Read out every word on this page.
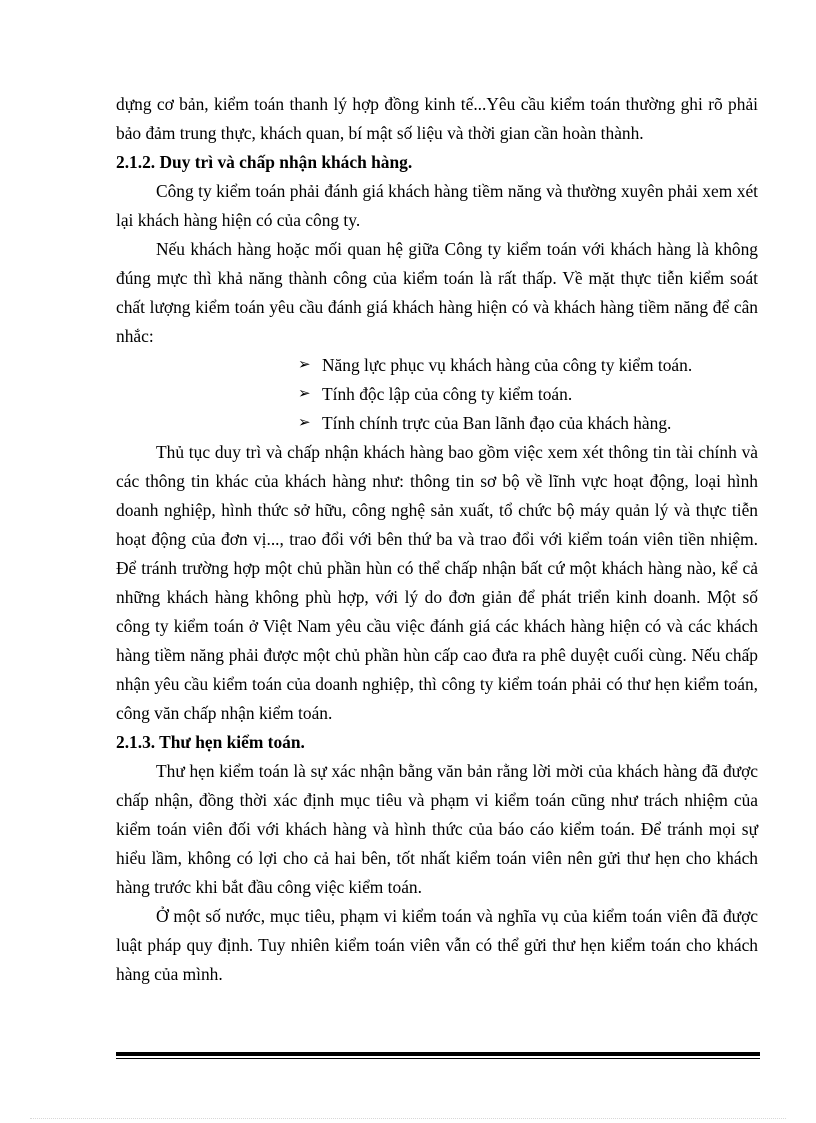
dựng cơ bản, kiểm toán thanh lý hợp đồng kinh tế...Yêu cầu kiểm toán thường ghi rõ phải bảo đảm trung thực, khách quan, bí mật số liệu và thời gian cần hoàn thành.

2.1.2. Duy trì và chấp nhận khách hàng.

Công ty kiểm toán phải đánh giá khách hàng tiềm năng và thường xuyên phải xem xét lại khách hàng hiện có của công ty.

Nếu khách hàng hoặc mối quan hệ giữa Công ty kiểm toán với khách hàng là không đúng mực thì khả năng thành công của kiểm toán là rất thấp. Về mặt thực tiễn kiểm soát chất lượng kiểm toán yêu cầu đánh giá khách hàng hiện có và khách hàng tiềm năng để cân nhắc:

➢ Năng lực phục vụ khách hàng của công ty kiểm toán.
➢ Tính độc lập của công ty kiểm toán.
➢ Tính chính trực của Ban lãnh đạo của khách hàng.

Thủ tục duy trì và chấp nhận khách hàng bao gồm việc xem xét thông tin tài chính và các thông tin khác của khách hàng như: thông tin sơ bộ về lĩnh vực hoạt động, loại hình doanh nghiệp, hình thức sở hữu, công nghệ sản xuất, tổ chức bộ máy quản lý và thực tiễn hoạt động của đơn vị..., trao đổi với bên thứ ba và trao đổi với kiểm toán viên tiền nhiệm. Để tránh trường hợp một chủ phần hùn có thể chấp nhận bất cứ một khách hàng nào, kể cả những khách hàng không phù hợp, với lý do đơn giản để phát triển kinh doanh. Một số công ty kiểm toán ở Việt Nam yêu cầu việc đánh giá các khách hàng hiện có và các khách hàng tiềm năng phải được một chủ phần hùn cấp cao đưa ra phê duyệt cuối cùng. Nếu chấp nhận yêu cầu kiểm toán của doanh nghiệp, thì công ty kiểm toán phải có thư hẹn kiểm toán, công văn chấp nhận kiểm toán.

2.1.3. Thư hẹn kiểm toán.

Thư hẹn kiểm toán là sự xác nhận bằng văn bản rằng lời mời của khách hàng đã được chấp nhận, đồng thời xác định mục tiêu và phạm vi kiểm toán cũng như trách nhiệm của kiểm toán viên đối với khách hàng và hình thức của báo cáo kiểm toán. Để tránh mọi sự hiểu lầm, không có lợi cho cả hai bên, tốt nhất kiểm toán viên nên gửi thư hẹn cho khách hàng trước khi bắt đầu công việc kiểm toán.

Ở một số nước, mục tiêu, phạm vi kiểm toán và nghĩa vụ của kiểm toán viên đã được luật pháp quy định. Tuy nhiên kiểm toán viên vẫn có thể gửi thư hẹn kiểm toán cho khách hàng của mình.
